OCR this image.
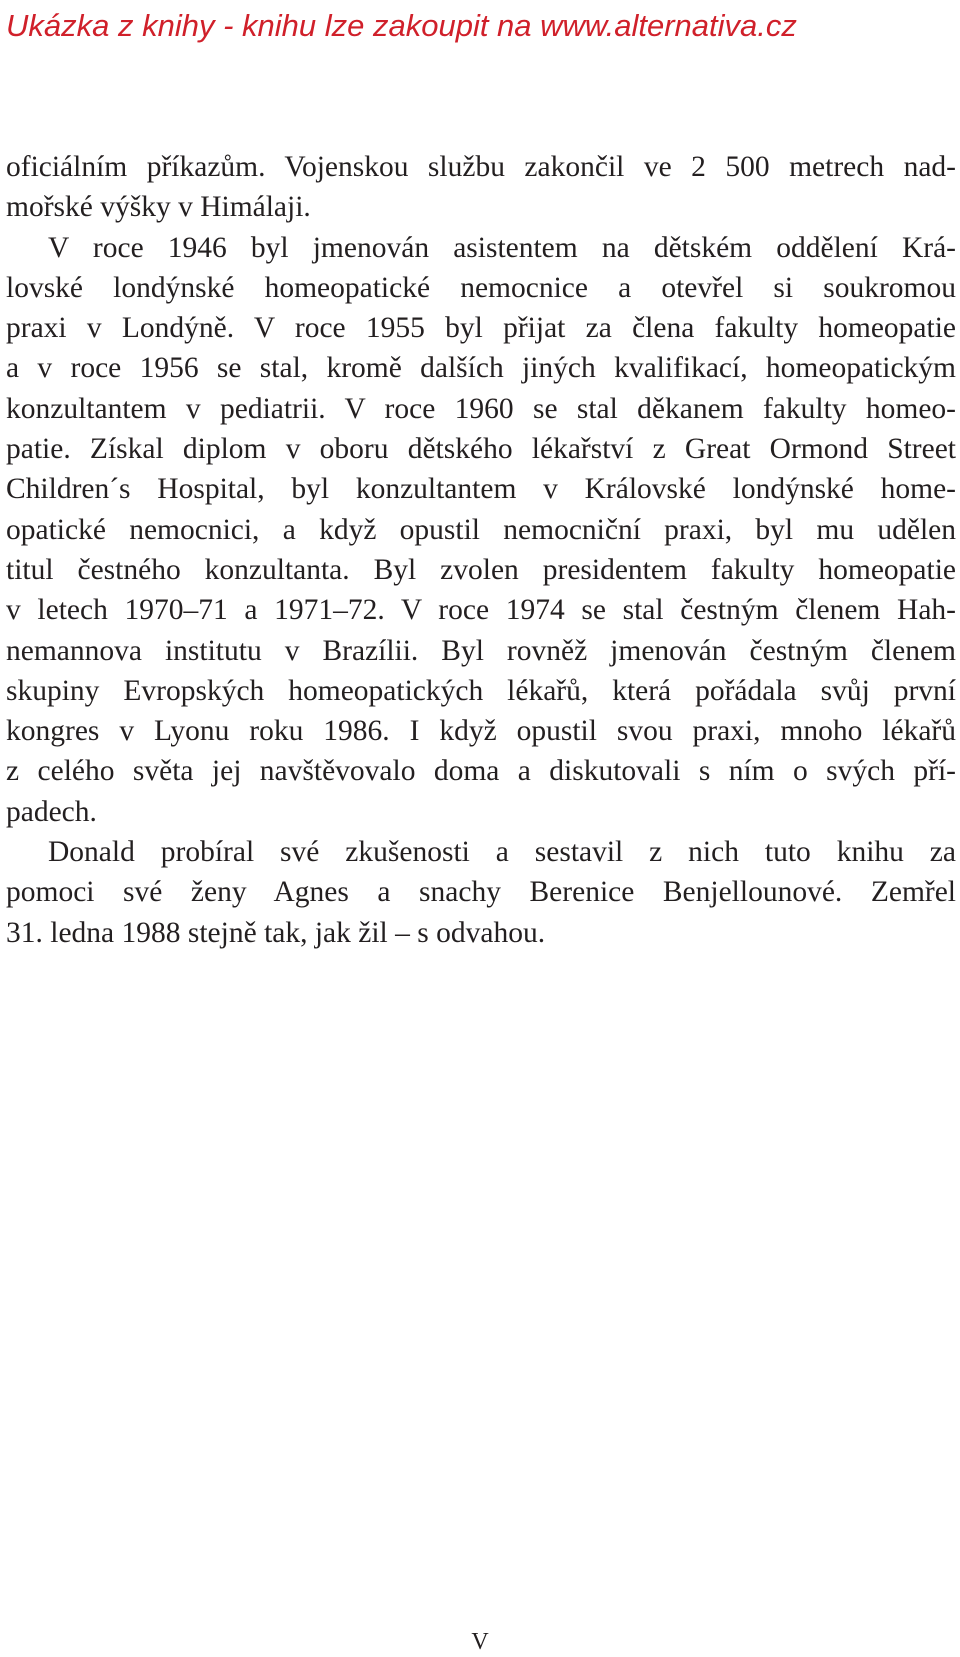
Ukázka z knihy - knihu lze zakoupit na www.alternativa.cz
oficiálním příkazům. Vojenskou službu zakončil ve 2 500 metrech nad-
mořské výšky v Himálaji.
V roce 1946 byl jmenován asistentem na dětském oddělení Krá-
lovské londýnské homeopatické nemocnice a otevřel si soukromou
praxi v Londýně. V roce 1955 byl přijat za člena fakulty homeopatie
a v roce 1956 se stal, kromě dalších jiných kvalifikací, homeopatickým
konzultantem v pediatrii. V roce 1960 se stal děkanem fakulty homeo-
patie. Získal diplom v oboru dětského lékařství z Great Ormond Street
Children´s Hospital, byl konzultantem v Královské londýnské home-
opatické nemocnici, a když opustil nemocniční praxi, byl mu udělen
titul čestného konzultanta. Byl zvolen presidentem fakulty homeopatie
v letech 1970–71 a 1971–72. V roce 1974 se stal čestným členem Hah-
nemannova institutu v Brazílii. Byl rovněž jmenován čestným členem
skupiny Evropských homeopatických lékařů, která pořádala svůj první
kongres v Lyonu roku 1986. I když opustil svou praxi, mnoho lékařů
z celého světa jej navštěvovalo doma a diskutovali s ním o svých pří-
padech.
Donald probíral své zkušenosti a sestavil z nich tuto knihu za
pomoci své ženy Agnes a snachy Berenice Benjellounové. Zemřel
31. ledna 1988 stejně tak, jak žil – s odvahou.
V
